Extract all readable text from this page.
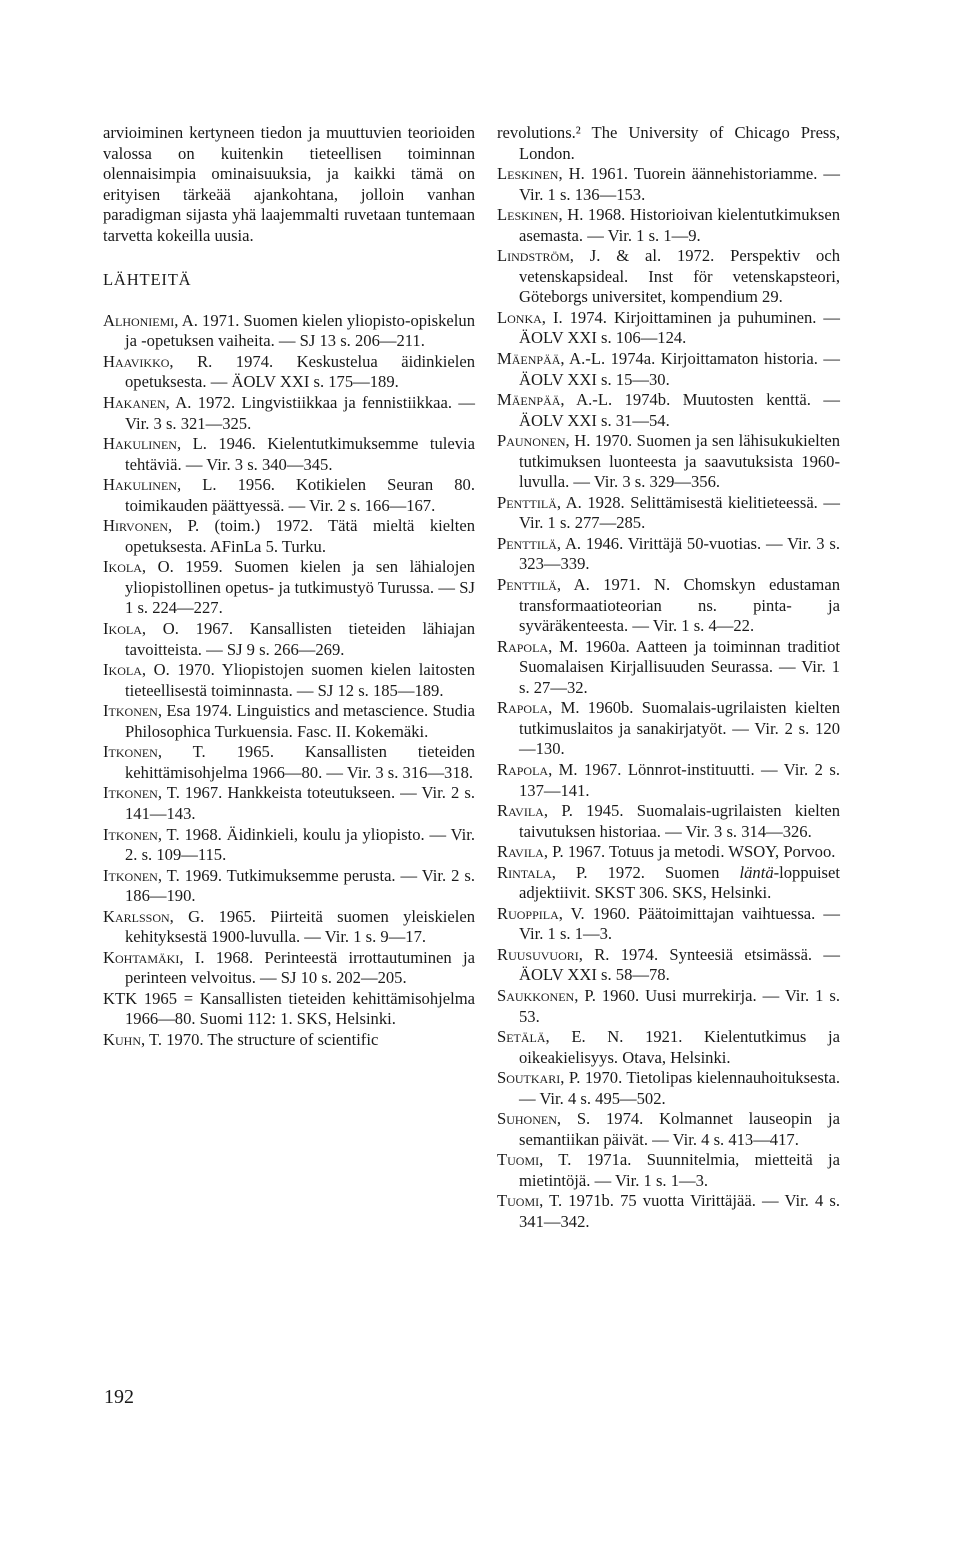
arvioiminen kertyneen tiedon ja muuttuvien teorioiden valossa on kuitenkin tieteellisen toiminnan olennaisimpia ominaisuuksia, ja kaikki tämä on erityisen tärkeää ajankohtana, jolloin vanhan paradigman sijasta yhä laajemmalti ruvetaan tuntemaan tarvetta kokeilla uusia.

LÄHTEITÄ

Alhoniemi, A. 1971. Suomen kielen yliopisto-opiskelun ja -opetuksen vaiheita. — SJ 13 s. 206—211.

Haavikko, R. 1974. Keskustelua äidinkielen opetuksesta. — ÄOLV XXI s. 175—189.

Hakanen, A. 1972. Lingvistiikkaa ja fennistiikkaa. — Vir. 3 s. 321—325.

Hakulinen, L. 1946. Kielentutkimuksemme tulevia tehtäviä. — Vir. 3 s. 340—345.

Hakulinen, L. 1956. Kotikielen Seuran 80. toimikauden päättyessä. — Vir. 2 s. 166—167.

Hirvonen, P. (toim.) 1972. Tätä mieltä kielten opetuksesta. AFinLa 5. Turku.

Ikola, O. 1959. Suomen kielen ja sen lähialojen yliopistollinen opetus- ja tutkimustyö Turussa. — SJ 1 s. 224—227.

Ikola, O. 1967. Kansallisten tieteiden lähiajan tavoitteista. — SJ 9 s. 266—269.

Ikola, O. 1970. Yliopistojen suomen kielen laitosten tieteellisestä toiminnasta. — SJ 12 s. 185—189.

Itkonen, Esa 1974. Linguistics and metascience. Studia Philosophica Turkuensia. Fasc. II. Kokemäki.

Itkonen, T. 1965. Kansallisten tieteiden kehittämisohjelma 1966—80. — Vir. 3 s. 316—318.

Itkonen, T. 1967. Hankkeista toteutukseen. — Vir. 2 s. 141—143.

Itkonen, T. 1968. Äidinkieli, koulu ja yliopisto. — Vir. 2. s. 109—115.

Itkonen, T. 1969. Tutkimuksemme perusta. — Vir. 2 s. 186—190.

Karlsson, G. 1965. Piirteitä suomen yleiskielen kehityksestä 1900-luvulla. — Vir. 1 s. 9—17.

Kohtamäki, I. 1968. Perinteestä irrottautuminen ja perinteen velvoitus. — SJ 10 s. 202—205.

KTK 1965 = Kansallisten tieteiden kehittämisohjelma 1966—80. Suomi 112: 1. SKS, Helsinki.

Kuhn, T. 1970. The structure of scientific

revolutions.² The University of Chicago Press, London.

Leskinen, H. 1961. Tuorein äännehistoriamme. — Vir. 1 s. 136—153.

Leskinen, H. 1968. Historioivan kielentutkimuksen asemasta. — Vir. 1 s. 1—9.

Lindström, J. & al. 1972. Perspektiv och vetenskapsideal. Inst för vetenskapsteori, Göteborgs universitet, kompendium 29.

Lonka, I. 1974. Kirjoittaminen ja puhuminen. — ÄOLV XXI s. 106—124.

Mäenpää, A.-L. 1974a. Kirjoittamaton historia. — ÄOLV XXI s. 15—30.

Mäenpää, A.-L. 1974b. Muutosten kenttä. — ÄOLV XXI s. 31—54.

Paunonen, H. 1970. Suomen ja sen lähisukukielten tutkimuksen luonteesta ja saavutuksista 1960-luvulla. — Vir. 3 s. 329—356.

Penttilä, A. 1928. Selittämisestä kielitieteessä. — Vir. 1 s. 277—285.

Penttilä, A. 1946. Virittäjä 50-vuotias. — Vir. 3 s. 323—339.

Penttilä, A. 1971. N. Chomskyn edustaman transformaatioteorian ns. pinta- ja syväräkenteesta. — Vir. 1 s. 4—22.

Rapola, M. 1960a. Aatteen ja toiminnan traditiot Suomalaisen Kirjallisuuden Seurassa. — Vir. 1 s. 27—32.

Rapola, M. 1960b. Suomalais-ugrilaisten kielten tutkimuslaitos ja sanakirjatyöt. — Vir. 2 s. 120—130.

Rapola, M. 1967. Lönnrot-instituutti. — Vir. 2 s. 137—141.

Ravila, P. 1945. Suomalais-ugrilaisten kielten taivutuksen historiaa. — Vir. 3 s. 314—326.

Ravila, P. 1967. Totuus ja metodi. WSOY, Porvoo.

Rintala, P. 1972. Suomen läntä-loppuiset adjektiivit. SKST 306. SKS, Helsinki.

Ruoppila, V. 1960. Päätoimittajan vaihtuessa. — Vir. 1 s. 1—3.

Ruusuvuori, R. 1974. Synteesiä etsimässä. — ÄOLV XXI s. 58—78.

Saukkonen, P. 1960. Uusi murrekirja. — Vir. 1 s. 53.

Setälä, E. N. 1921. Kielentutkimus ja oikeakielisyys. Otava, Helsinki.

Soutkari, P. 1970. Tietolipas kielennauhoituksesta. — Vir. 4 s. 495—502.

Suhonen, S. 1974. Kolmannet lauseopin ja semantiikan päivät. — Vir. 4 s. 413—417.

Tuomi, T. 1971a. Suunnitelmia, mietteitä ja mietintöjä. — Vir. 1 s. 1—3.

Tuomi, T. 1971b. 75 vuotta Virittäjää. — Vir. 4 s. 341—342.

192
